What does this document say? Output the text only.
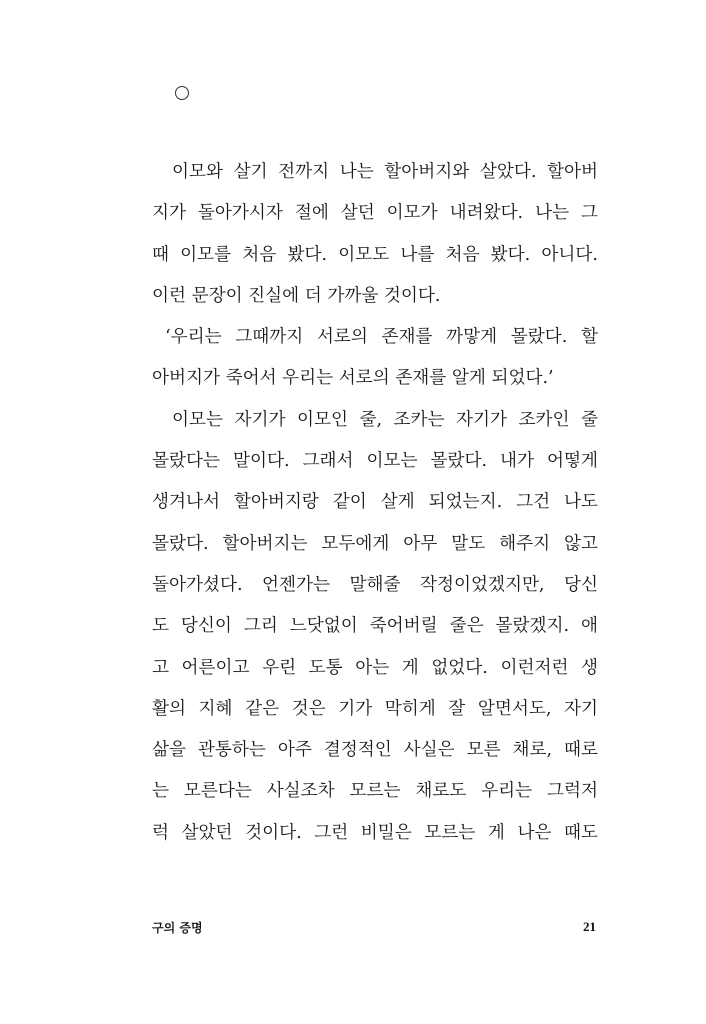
이모와 살기 전까지 나는 할아버지와 살았다. 할아버
지가 돌아가시자 절에 살던 이모가 내려왔다. 나는 그
때 이모를 처음 봤다. 이모도 나를 처음 봤다. 아니다.
이런 문장이 진실에 더 가까울 것이다.
‘우리는 그때까지 서로의 존재를 까맣게 몰랐다. 할
아버지가 죽어서 우리는 서로의 존재를 알게 되었다.’
이모는 자기가 이모인 줄, 조카는 자기가 조카인 줄
몰랐다는 말이다. 그래서 이모는 몰랐다. 내가 어떻게
생겨나서 할아버지랑 같이 살게 되었는지. 그건 나도
몰랐다. 할아버지는 모두에게 아무 말도 해주지 않고
돌아가셨다. 언젠가는 말해줄 작정이었겠지만, 당신
도 당신이 그리 느닷없이 죽어버릴 줄은 몰랐겠지. 애
고 어른이고 우린 도통 아는 게 없었다. 이런저런 생
활의 지혜 같은 것은 기가 막히게 잘 알면서도, 자기
삶을 관통하는 아주 결정적인 사실은 모른 채로, 때로
는 모른다는 사실조차 모르는 채로도 우리는 그럭저
럭 살았던 것이다. 그런 비밀은 모르는 게 나은 때도
구의 증명	21
